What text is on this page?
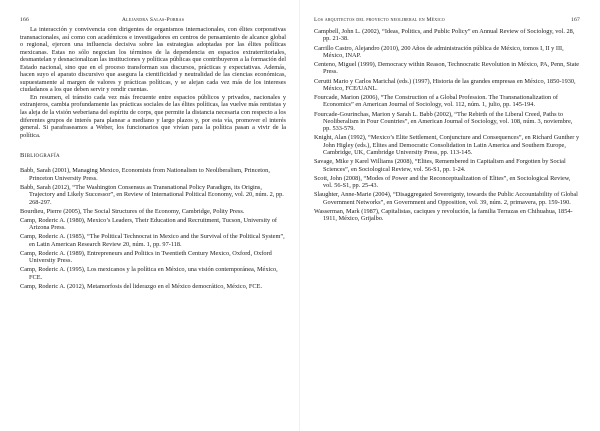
166	Alejandra Salas-Porras

La interacción y convivencia con dirigentes de organismos internacionales, con élites corporativas transnacionales, así como con académicos e investigadores en centros de pensamiento de alcance global o regional, ejercen una influencia decisiva sobre las estrategias adoptadas por las élites políticas mexicanas. Estas no sólo negocian los términos de la dependencia en espacios extraterritoriales, desmantelan y desnacionalizan las instituciones y políticas públicas que contribuyeron a la formación del Estado nacional, sino que en el proceso transforman sus discursos, prácticas y expectativas. Además, hacen suyo el aparato discursivo que asegura la cientificidad y neutralidad de las ciencias económicas, supuestamente al margen de valores y prácticas políticas, y se alejan cada vez más de los intereses ciudadanos a los que deben servir y rendir cuentas.

En resumen, el tránsito cada vez más frecuente entre espacios públicos y privados, nacionales y extranjeros, cambia profundamente las prácticas sociales de las élites políticas, las vuelve más rentistas y las aleja de la visión weberiana del espíritu de corps, que permite la distancia necesaria con respecto a los diferentes grupos de interés para planear a mediano y largo plazos y, por esta vía, promover el interés general. Si parafraseamos a Weber, los funcionarios que vivían para la política pasan a vivir de la política.

Bibliografía

Babb, Sarah (2001), Managing Mexico, Economists from Nationalism to Neoliberalism, Princeton, Princeton University Press.

Babb, Sarah (2012), “The Washington Consensus as Transnational Policy Paradigm, its Origins, Trajectory and Likely Successor”, en Review of International Political Economy, vol. 20, núm. 2, pp. 268-297.

Bourdieu, Pierre (2005), The Social Structures of the Economy, Cambridge, Polity Press.

Camp, Roderic A. (1980), Mexico’s Leaders, Their Education and Recruitment, Tucson, University of Arizona Press.

Camp, Roderic A. (1985), “The Political Technocrat in Mexico and the Survival of the Political System”, en Latin American Research Review 20, núm. 1, pp. 97-118.

Camp, Roderic A. (1989), Entrepreneurs and Politics in Twentieth Century Mexico, Oxford, Oxford University Press.

Camp, Roderic A. (1995), Los mexicanos y la política en México, una visión contemporánea, México, FCE.

Camp, Roderic A. (2012), Metamorfosis del liderazgo en el México democrático, México, FCE.

Los arquitectos del proyecto neoliberal en México	167

Campbell, John L. (2002), “Ideas, Politics, and Public Policy” en Annual Review of Sociology, vol. 28, pp. 21-38.

Carrillo Castro, Alejandro (2010), 200 Años de administración pública de México, tomos I, II y III, México, INAP.

Centeno, Miguel (1999), Democracy within Reason, Technocratic Revolution in México, PA, Penn, State Press.

Cerutti Mario y Carlos Marichal (eds.) (1997), Historia de las grandes empresas en México, 1850-1930, México, FCE/UANL.

Fourcade, Marion (2006), “The Construction of a Global Profession. The Transnationalization of Economics” en American Journal of Sociology, vol. 112, núm. 1, julio, pp. 145-194.

Fourcade-Gourinchas, Marion y Sarah L. Babb (2002), “The Rebirth of the Liberal Creed, Paths to Neoliberalism in Four Countries”, en American Journal of Sociology, vol. 108, núm. 3, noviembre, pp. 533-579.

Knight, Alan (1992), “Mexico’s Elite Settlement, Conjuncture and Consequences”, en Richard Gunther y John Higley (eds.), Elites and Democratic Consolidation in Latin America and Southern Europe, Cambridge, UK, Cambridge University Press, pp. 113-145.

Savage, Mike y Karel Williams (2008), “Elites, Remembered in Capitalism and Forgotten by Social Sciences”, en Sociological Review, vol. 56-S1, pp. 1-24.

Scott, John (2008), “Modes of Power and the Reconceptualization of Elites”, en Sociological Review, vol. 56-S1, pp. 25-43.

Slaughter, Anne-Marie (2004), “Disaggregated Sovereignty, towards the Public Accountability of Global Government Networks”, en Government and Opposition, vol. 39, núm. 2, primavera, pp. 159-190.

Wasserman, Mark (1987), Capitalistas, caciques y revolución, la familia Terrazas en Chihuahua, 1854-1911, México, Grijalbo.
